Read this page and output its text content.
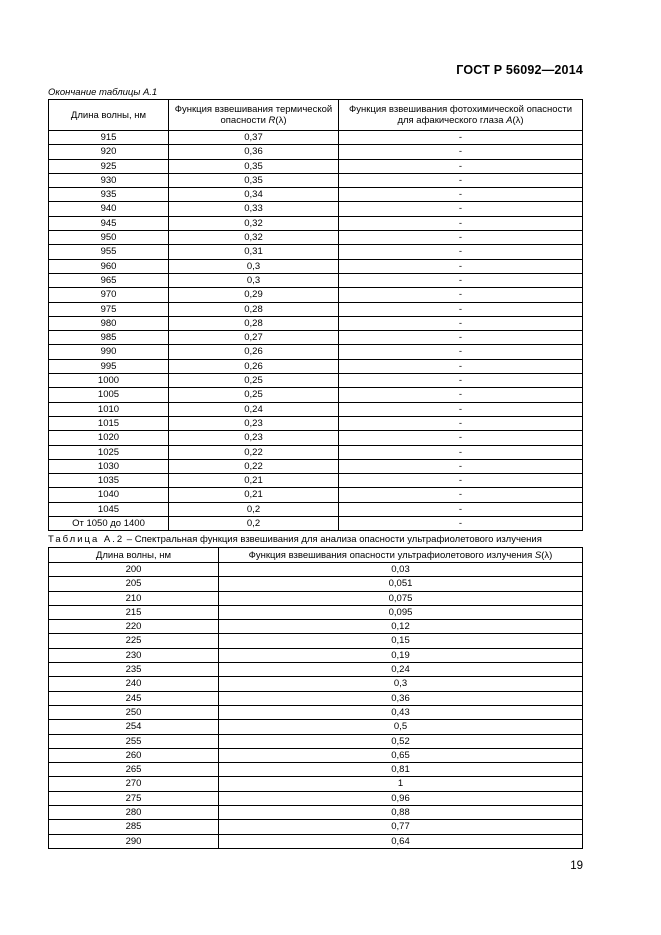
ГОСТ Р 56092—2014
Окончание таблицы А.1
Длина волны, нм	Функция взвешивания термической опасности R(λ)	Функция взвешивания фотохимической опасности для афакического глаза A(λ)
915	0,37	-
920	0,36	-
925	0,35	-
930	0,35	-
935	0,34	-
940	0,33	-
945	0,32	-
950	0,32	-
955	0,31	-
960	0,3	-
965	0,3	-
970	0,29	-
975	0,28	-
980	0,28	-
985	0,27	-
990	0,26	-
995	0,26	-
1000	0,25	-
1005	0,25	-
1010	0,24	-
1015	0,23	-
1020	0,23	-
1025	0,22	-
1030	0,22	-
1035	0,21	-
1040	0,21	-
1045	0,2	-
От 1050 до 1400	0,2	-
Таблица А.2 – Спектральная функция взвешивания для анализа опасности ультрафиолетового излучения
Длина волны, нм	Функция взвешивания опасности ультрафиолетового излучения S(λ)
200	0,03
205	0,051
210	0,075
215	0,095
220	0,12
225	0,15
230	0,19
235	0,24
240	0,3
245	0,36
250	0,43
254	0,5
255	0,52
260	0,65
265	0,81
270	1
275	0,96
280	0,88
285	0,77
290	0,64
19
